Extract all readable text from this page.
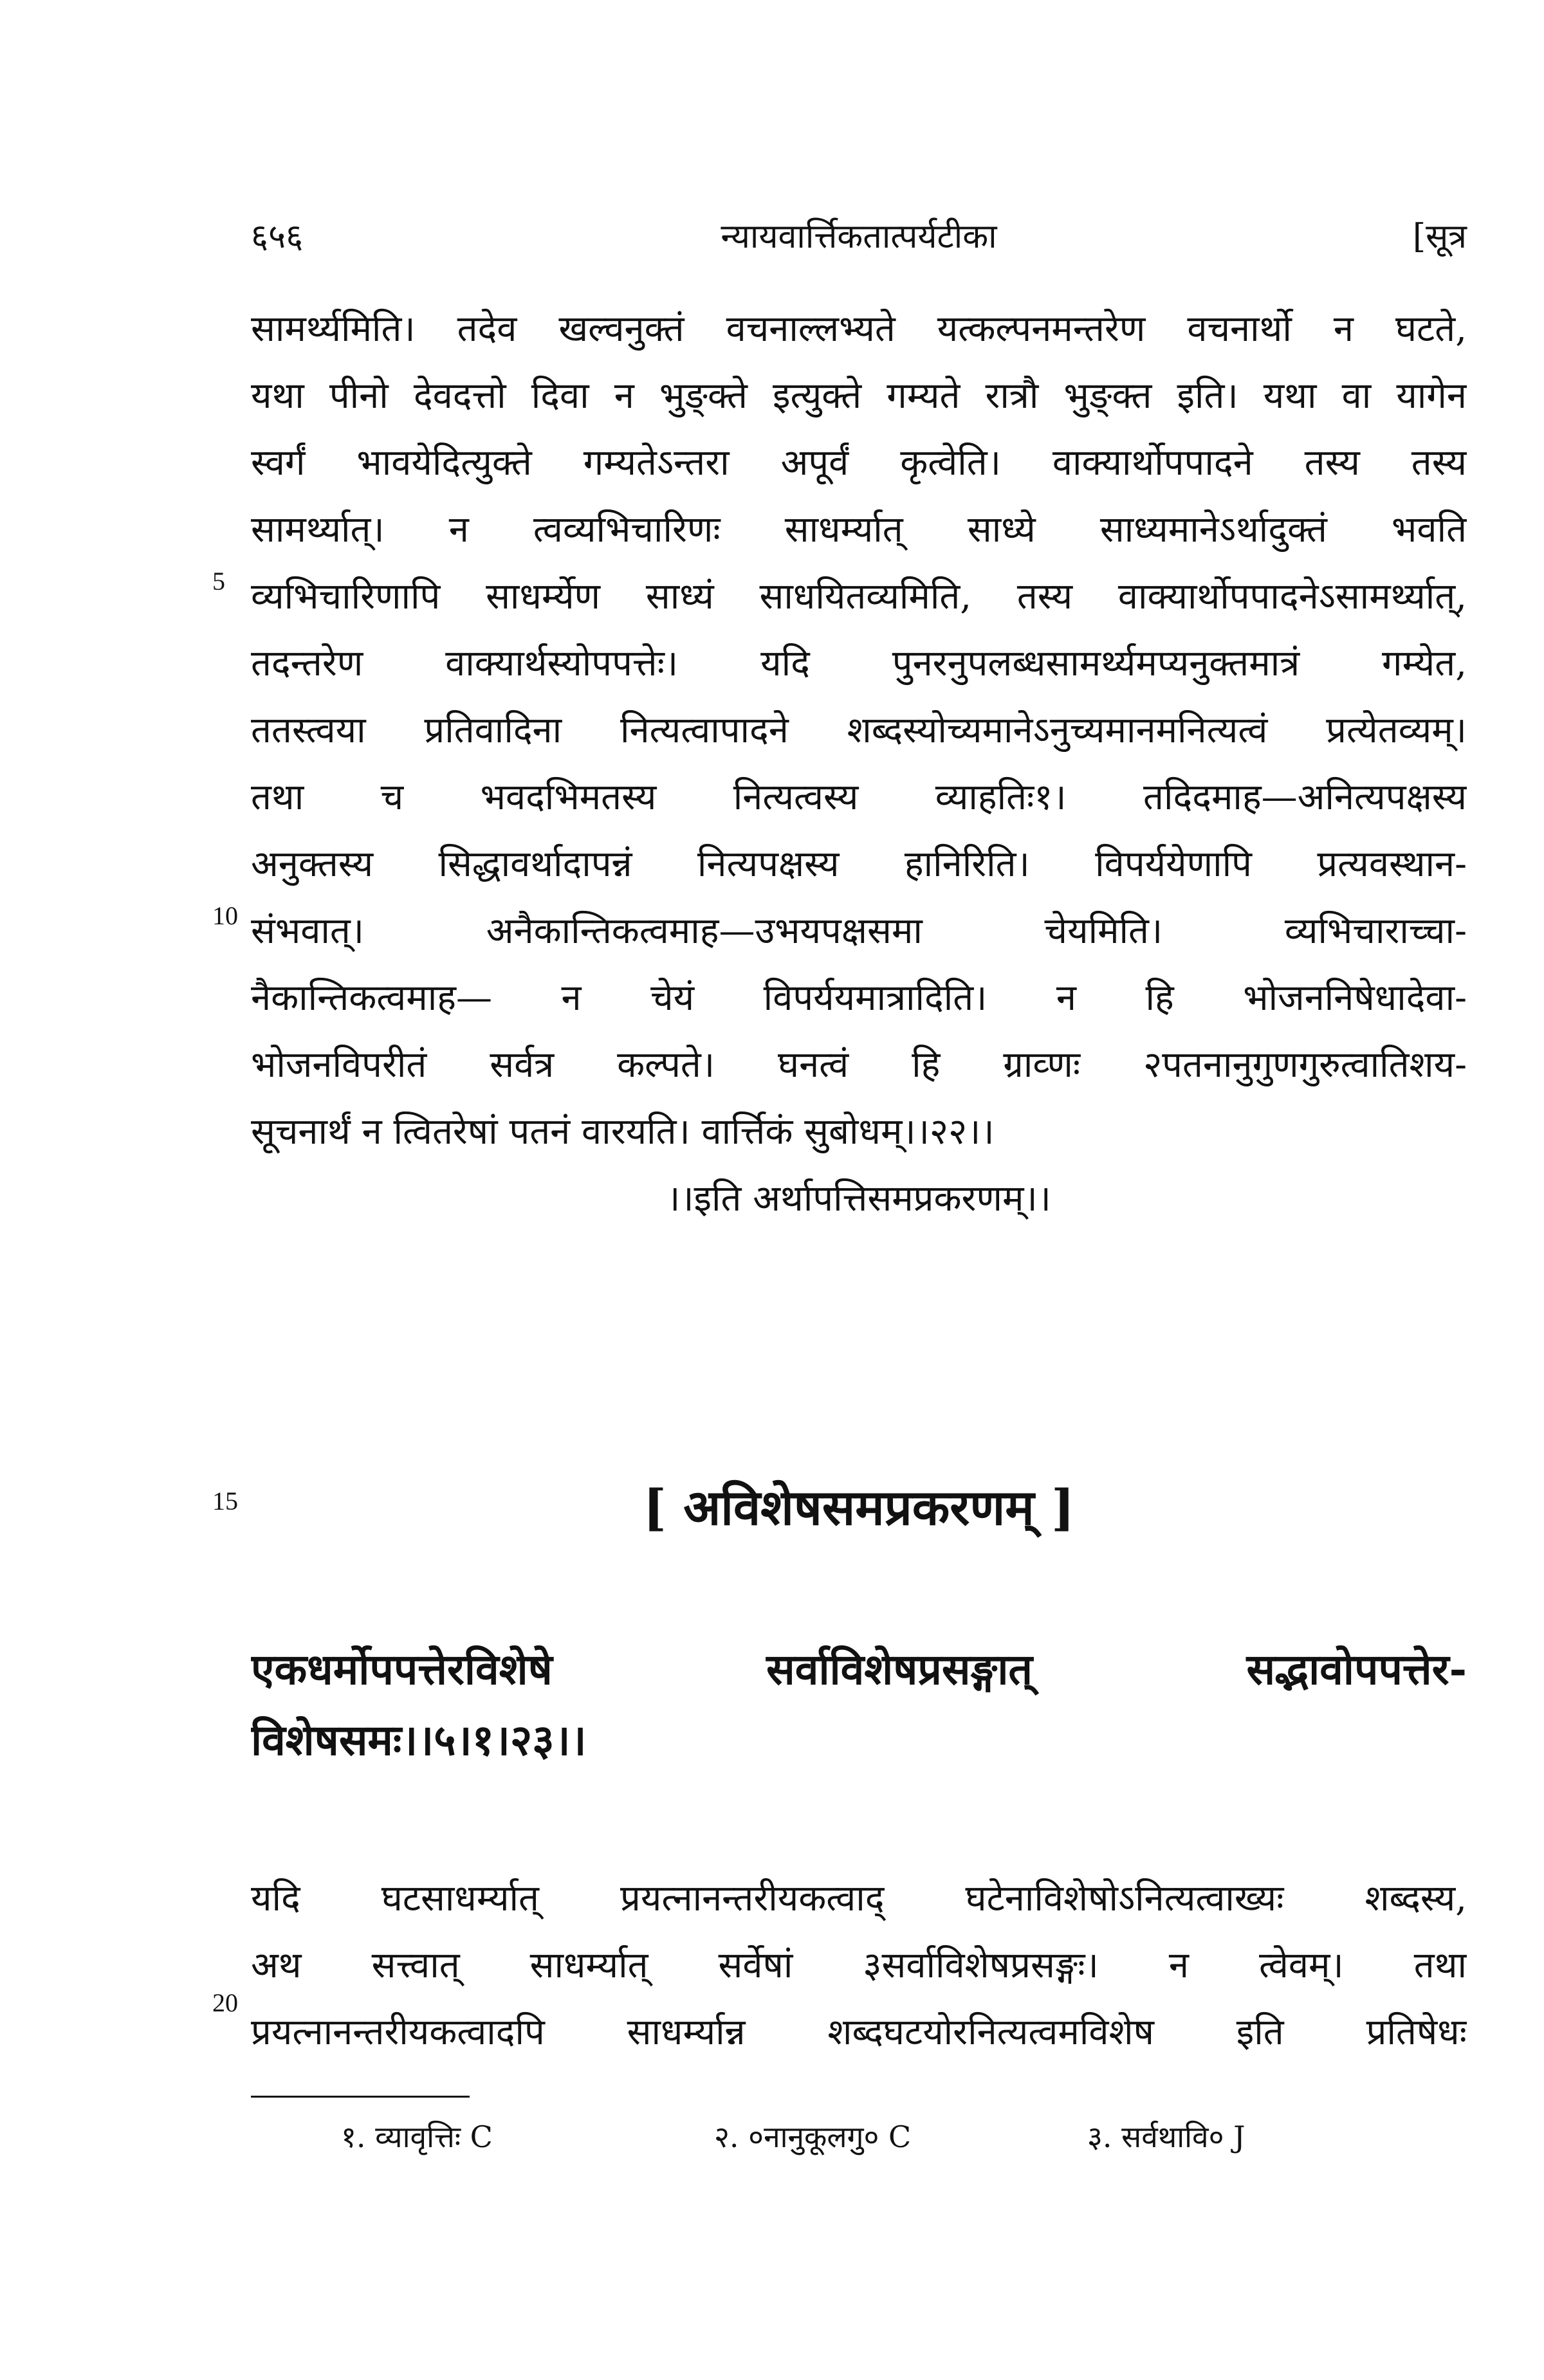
६५६	न्यायवार्त्तिकतात्पर्यटीका	[सूत्र
सामर्थ्यमिति। तदेव खल्वनुक्तं वचनाल्लभ्यते यत्कल्पनमन्तरेण वचनार्थो न घटते,
यथा पीनो देवदत्तो दिवा न भुङ्क्ते इत्युक्ते गम्यते रात्रौ भुङ्क्त इति। यथा वा यागेन
स्वर्गं भावयेदित्युक्ते गम्यतेऽन्तरा अपूर्वं कृत्वेति। वाक्यार्थोपपादने तस्य तस्य
सामर्थ्यात्। न त्वव्यभिचारिणः साधर्म्यात् साध्ये साध्यमानेऽर्थादुक्तं भवति
व्यभिचारिणापि साधर्म्येण साध्यं साधयितव्यमिति, तस्य वाक्यार्थोपपादनेऽसामर्थ्यात्,
तदन्तरेण वाक्यार्थस्योपपत्तेः। यदि पुनरनुपलब्धसामर्थ्यमप्यनुक्तमात्रं गम्येत,
ततस्त्वया प्रतिवादिना नित्यत्वापादने शब्दस्योच्यमानेऽनुच्यमानमनित्यत्वं प्रत्येतव्यम्।
तथा च भवदभिमतस्य नित्यत्वस्य व्याहतिः१। तदिदमाह—अनित्यपक्षस्य
अनुक्तस्य सिद्धावर्थादापन्नं नित्यपक्षस्य हानिरिति। विपर्ययेणापि प्रत्यवस्थान-
संभवात्। अनैकान्तिकत्वमाह—उभयपक्षसमा चेयमिति। व्यभिचाराच्चा-
नैकान्तिकत्वमाह— न चेयं विपर्ययमात्रादिति। न हि भोजननिषेधादेवा-
भोजनविपरीतं सर्वत्र कल्पते। घनत्वं हि ग्राव्णः २पतनानुगुणगुरुत्वातिशय-
सूचनार्थं न त्वितरेषां पतनं वारयति। वार्त्तिकं सुबोधम्।।२२।।
।।इति अर्थापत्तिसमप्रकरणम्।।
5
10
15
20
[ अविशेषसमप्रकरणम् ]
एकधर्मोपपत्तेरविशेषे सर्वाविशेषप्रसङ्गात् सद्भावोपपत्तेर-
विशेषसमः।।५।१।२३।।
यदि घटसाधर्म्यात् प्रयत्नानन्तरीयकत्वाद् घटेनाविशेषोऽनित्यत्वाख्यः शब्दस्य,
अथ सत्त्वात् साधर्म्यात् सर्वेषां ३सर्वाविशेषप्रसङ्गः। न त्वेवम्। तथा
प्रयत्नानन्तरीयकत्वादपि साधर्म्यान्न शब्दघटयोरनित्यत्वमविशेष इति प्रतिषेधः
१. व्यावृत्तिः C	२. ०नानुकूलगु० C	३. सर्वथावि० J
